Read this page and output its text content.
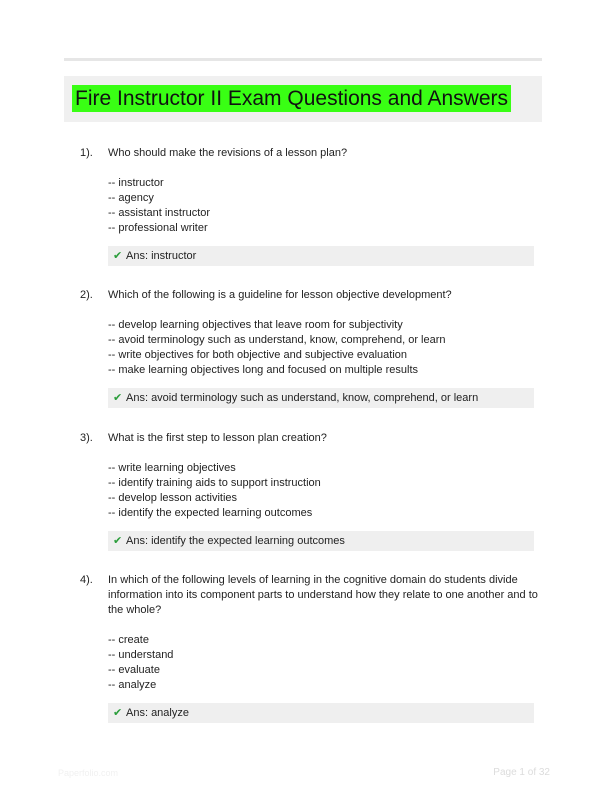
Fire Instructor II Exam Questions and Answers
1). Who should make the revisions of a lesson plan?

-- instructor
-- agency
-- assistant instructor
-- professional writer
✔ Ans: instructor
2). Which of the following is a guideline for lesson objective development?

-- develop learning objectives that leave room for subjectivity
-- avoid terminology such as understand, know, comprehend, or learn
-- write objectives for both objective and subjective evaluation
-- make learning objectives long and focused on multiple results
✔ Ans: avoid terminology such as understand, know, comprehend, or learn
3). What is the first step to lesson plan creation?

-- write learning objectives
-- identify training aids to support instruction
-- develop lesson activities
-- identify the expected learning outcomes
✔ Ans: identify the expected learning outcomes
4). In which of the following levels of learning in the cognitive domain do students divide information into its component parts to understand how they relate to one another and to the whole?

-- create
-- understand
-- evaluate
-- analyze
✔ Ans: analyze
Paperfolio.com	Page 1 of 32
